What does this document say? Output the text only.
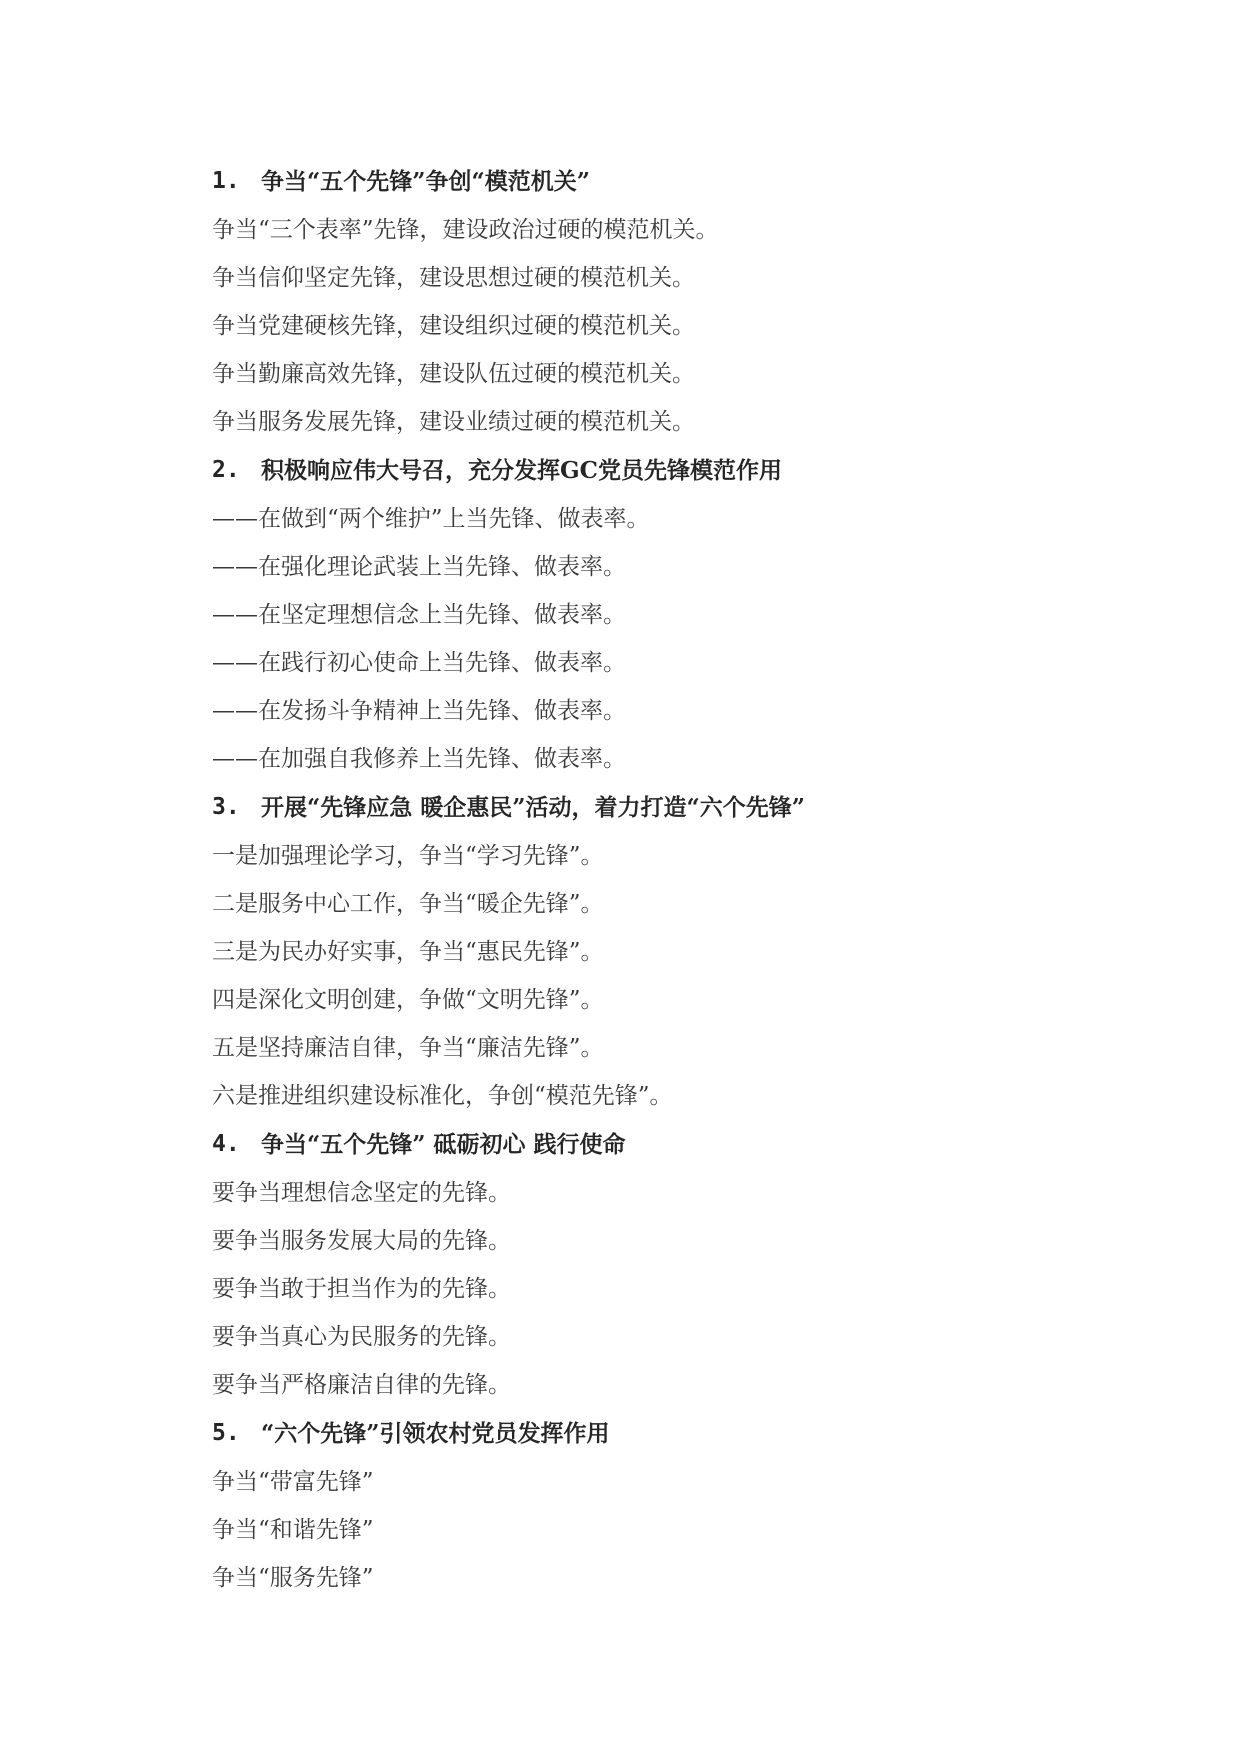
1. 争当“五个先锋”争创“模范机关”
争当“三个表率”先锋，建设政治过硬的模范机关。
争当信仰坚定先锋，建设思想过硬的模范机关。
争当党建硬核先锋，建设组织过硬的模范机关。
争当勤廉高效先锋，建设队伍过硬的模范机关。
争当服务发展先锋，建设业绩过硬的模范机关。
2. 积极响应伟大号召，充分发挥GC党员先锋模范作用
——在做到“两个维护”上当先锋、做表率。
——在强化理论武装上当先锋、做表率。
——在坚定理想信念上当先锋、做表率。
——在践行初心使命上当先锋、做表率。
——在发扬斗争精神上当先锋、做表率。
——在加强自我修养上当先锋、做表率。
3. 开展“先锋应急 暖企惠民”活动，着力打造“六个先锋”
一是加强理论学习，争当“学习先锋”。
二是服务中心工作，争当“暖企先锋”。
三是为民办好实事，争当“惠民先锋”。
四是深化文明创建，争做“文明先锋”。
五是坚持廉洁自律，争当“廉洁先锋”。
六是推进组织建设标准化，争创“模范先锋”。
4. 争当“五个先锋” 砥砺初心 践行使命
要争当理想信念坚定的先锋。
要争当服务发展大局的先锋。
要争当敢于担当作为的先锋。
要争当真心为民服务的先锋。
要争当严格廉洁自律的先锋。
5. “六个先锋”引领农村党员发挥作用
争当“带富先锋”
争当“和谐先锋”
争当“服务先锋”
